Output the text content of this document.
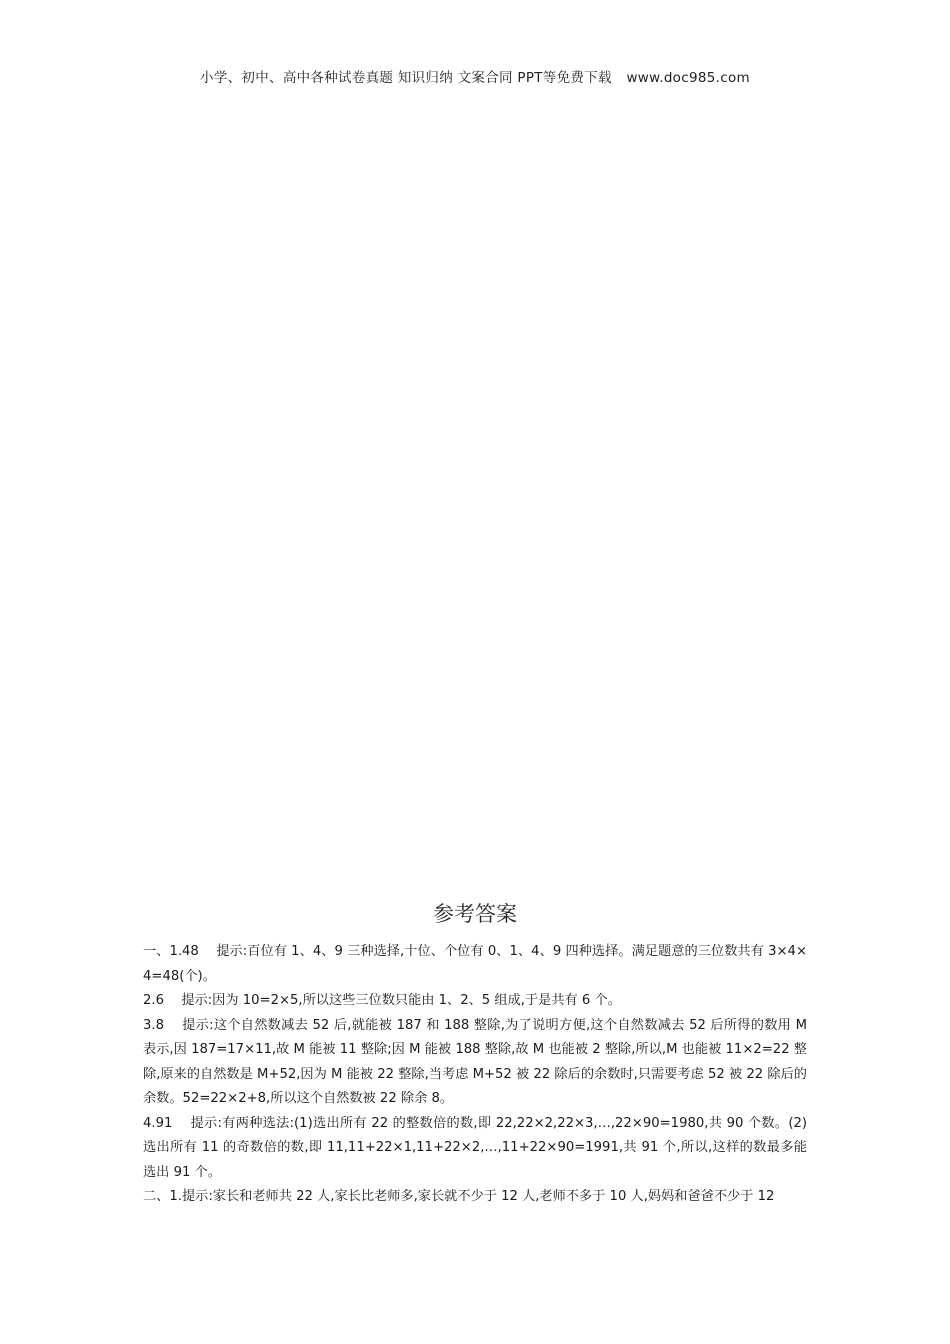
小学、初中、高中各种试卷真题 知识归纳 文案合同 PPT等免费下载 www.doc985.com
参考答案

一、1.48　 提示:百位有 1、4、9 三种选择,十位、个位有 0、1、4、9 四种选择。满足题意的三位数共有 3×4×4=48(个)。

2.6　 提示:因为 10=2×5,所以这些三位数只能由 1、2、5 组成,于是共有 6 个。

3.8　 提示:这个自然数减去 52 后,就能被 187 和 188 整除,为了说明方便,这个自然数减去 52 后所得的数用 M 表示,因 187=17×11,故 M 能被 11 整除;因 M 能被 188 整除,故 M 也能被 2 整除,所以,M 也能被 11×2=22 整除,原来的自然数是 M+52,因为 M 能被 22 整除,当考虑 M+52 被 22 除后的余数时,只需要考虑 52 被 22 除后的余数。52=22×2+8,所以这个自然数被 22 除余 8。

4.91　 提示:有两种选法:(1)选出所有 22 的整数倍的数,即 22,22×2,22×3,…,22×90=1980,共 90 个数。(2)选出所有 11 的奇数倍的数,即 11,11+22×1,11+22×2,…,11+22×90=1991,共 91 个,所以,这样的数最多能选出 91 个。

二、1.提示:家长和老师共 22 人,家长比老师多,家长就不少于 12 人,老师不多于 10 人,妈妈和爸爸不少于 12
